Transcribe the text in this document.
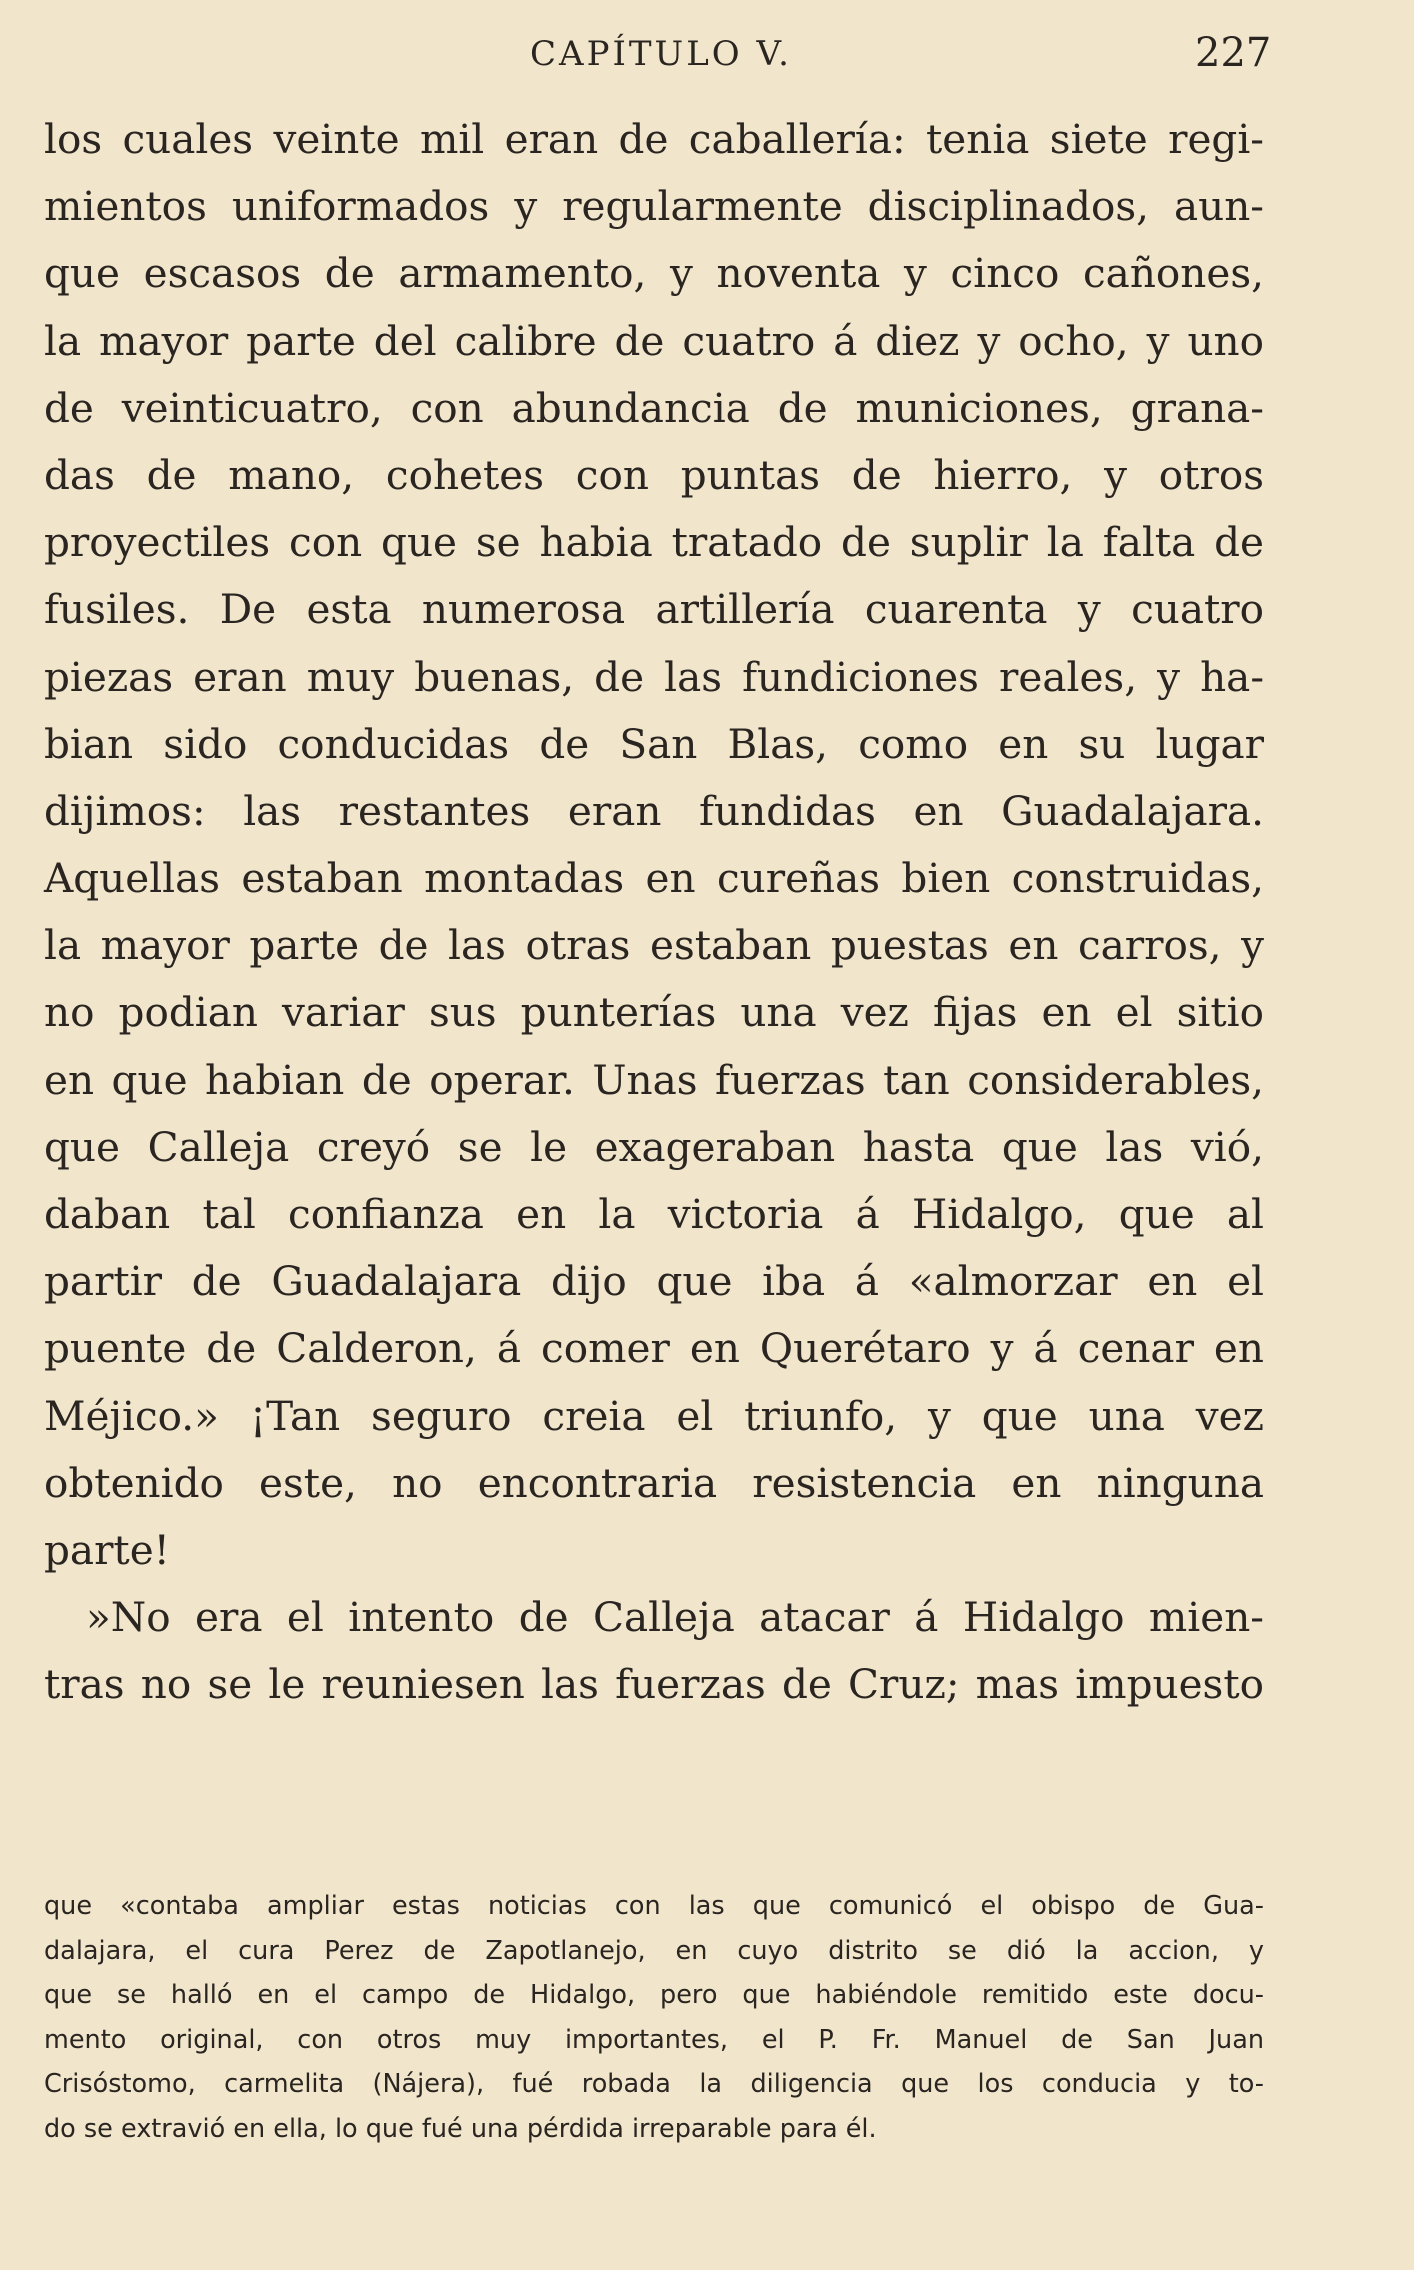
CAPÍTULO V.	227
los cuales veinte mil eran de caballería: tenia siete regi-
mientos uniformados y regularmente disciplinados, aun-
que escasos de armamento, y noventa y cinco cañones,
la mayor parte del calibre de cuatro á diez y ocho, y uno
de veinticuatro, con abundancia de municiones, grana-
das de mano, cohetes con puntas de hierro, y otros
proyectiles con que se habia tratado de suplir la falta de
fusiles. De esta numerosa artillería cuarenta y cuatro
piezas eran muy buenas, de las fundiciones reales, y ha-
bian sido conducidas de San Blas, como en su lugar
dijimos: las restantes eran fundidas en Guadalajara.
Aquellas estaban montadas en cureñas bien construidas,
la mayor parte de las otras estaban puestas en carros, y
no podian variar sus punterías una vez fijas en el sitio
en que habian de operar. Unas fuerzas tan considerables,
que Calleja creyó se le exageraban hasta que las vió,
daban tal confianza en la victoria á Hidalgo, que al
partir de Guadalajara dijo que iba á «almorzar en el
puente de Calderon, á comer en Querétaro y á cenar en
Méjico.» ¡Tan seguro creia el triunfo, y que una vez
obtenido este, no encontraria resistencia en ninguna
parte!
»No era el intento de Calleja atacar á Hidalgo mien-
tras no se le reuniesen las fuerzas de Cruz; mas impuesto
que «contaba ampliar estas noticias con las que comunicó el obispo de Gua-
dalajara, el cura Perez de Zapotlanejo, en cuyo distrito se dió la accion, y
que se halló en el campo de Hidalgo, pero que habiéndole remitido este docu-
mento original, con otros muy importantes, el P. Fr. Manuel de San Juan
Crisóstomo, carmelita (Nájera), fué robada la diligencia que los conducia y to-
do se extravió en ella, lo que fué una pérdida irreparable para él.
